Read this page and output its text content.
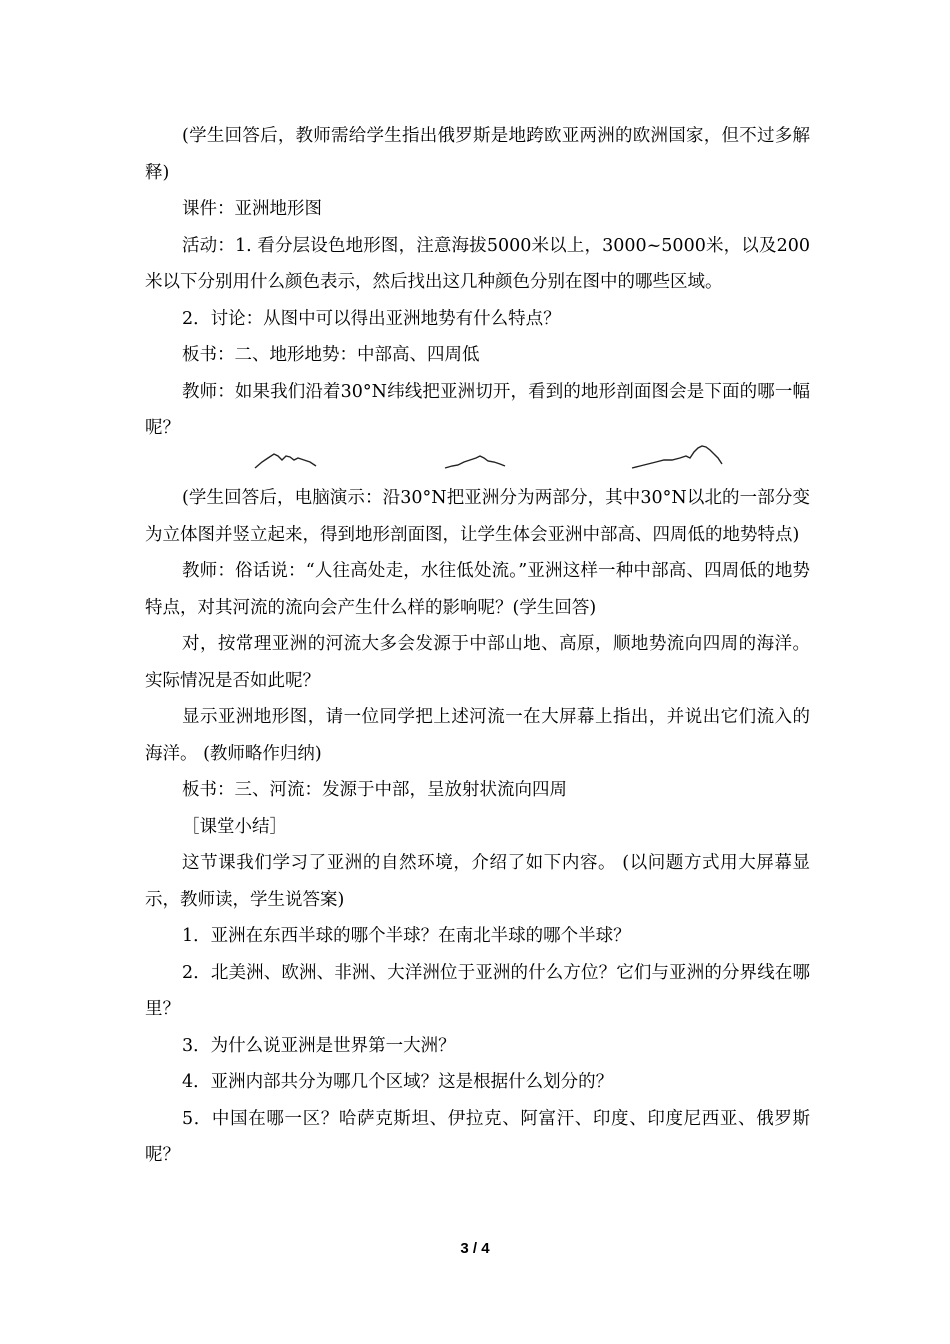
(学生回答后，教师需给学生指出俄罗斯是地跨欧亚两洲的欧洲国家，但不过多解释)

课件：亚洲地形图

活动：1. 看分层设色地形图，注意海拔5000米以上，3000~5000米，以及200米以下分别用什么颜色表示，然后找出这几种颜色分别在图中的哪些区域。

2．讨论：从图中可以得出亚洲地势有什么特点？

板书：二、地形地势：中部高、四周低

教师：如果我们沿着30°N纬线把亚洲切开，看到的地形剖面图会是下面的哪一幅呢？

(学生回答后，电脑演示：沿30°N把亚洲分为两部分，其中30°N以北的一部分变为立体图并竖立起来，得到地形剖面图，让学生体会亚洲中部高、四周低的地势特点)

教师：俗话说：“人往高处走，水往低处流。”亚洲这样一种中部高、四周低的地势特点，对其河流的流向会产生什么样的影响呢？(学生回答)

对，按常理亚洲的河流大多会发源于中部山地、高原，顺地势流向四周的海洋。实际情况是否如此呢？

显示亚洲地形图，请一位同学把上述河流一在大屏幕上指出，并说出它们流入的海洋。 (教师略作归纳)

板书：三、河流：发源于中部，呈放射状流向四周

［课堂小结］

这节课我们学习了亚洲的自然环境，介绍了如下内容。 (以问题方式用大屏幕显示，教师读，学生说答案)

1．亚洲在东西半球的哪个半球？在南北半球的哪个半球？

2．北美洲、欧洲、非洲、大洋洲位于亚洲的什么方位？它们与亚洲的分界线在哪里？

3．为什么说亚洲是世界第一大洲？

4．亚洲内部共分为哪几个区域？这是根据什么划分的？

5．中国在哪一区？哈萨克斯坦、伊拉克、阿富汗、印度、印度尼西亚、俄罗斯呢？

3 / 4
